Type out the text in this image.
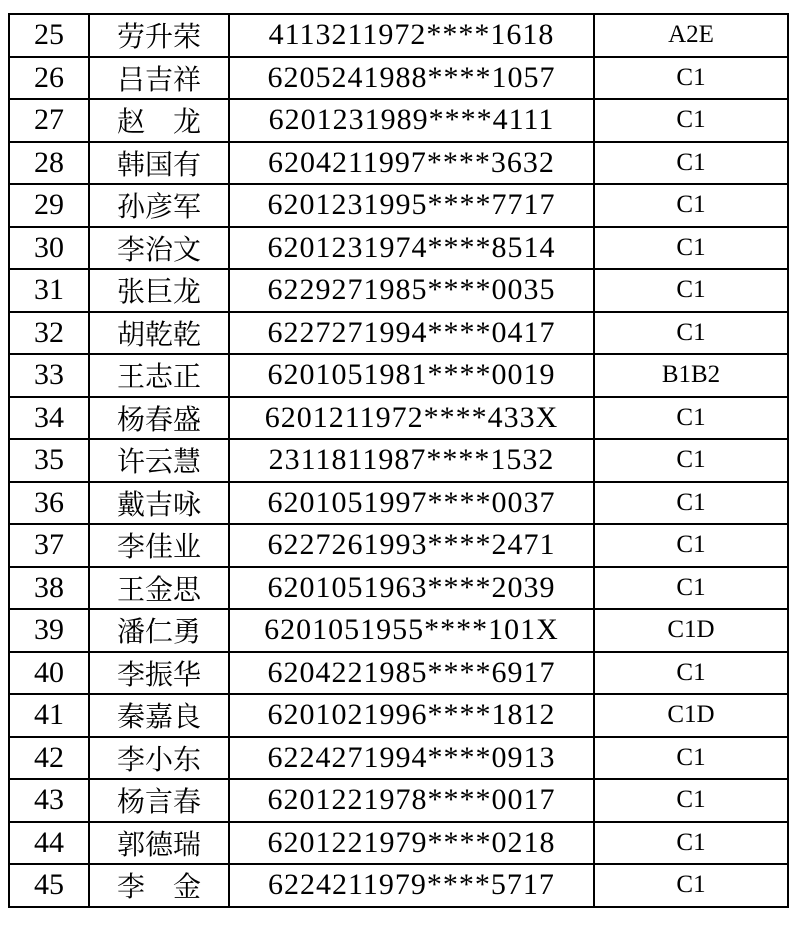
25	劳升荣	4113211972****1618	A2E
26	吕吉祥	6205241988****1057	C1
27	赵　龙	6201231989****4111	C1
28	韩国有	6204211997****3632	C1
29	孙彦军	6201231995****7717	C1
30	李治文	6201231974****8514	C1
31	张巨龙	6229271985****0035	C1
32	胡乾乾	6227271994****0417	C1
33	王志正	6201051981****0019	B1B2
34	杨春盛	6201211972****433X	C1
35	许云慧	2311811987****1532	C1
36	戴吉咏	6201051997****0037	C1
37	李佳业	6227261993****2471	C1
38	王金思	6201051963****2039	C1
39	潘仁勇	6201051955****101X	C1D
40	李振华	6204221985****6917	C1
41	秦嘉良	6201021996****1812	C1D
42	李小东	6224271994****0913	C1
43	杨言春	6201221978****0017	C1
44	郭德瑞	6201221979****0218	C1
45	李　金	6224211979****5717	C1
